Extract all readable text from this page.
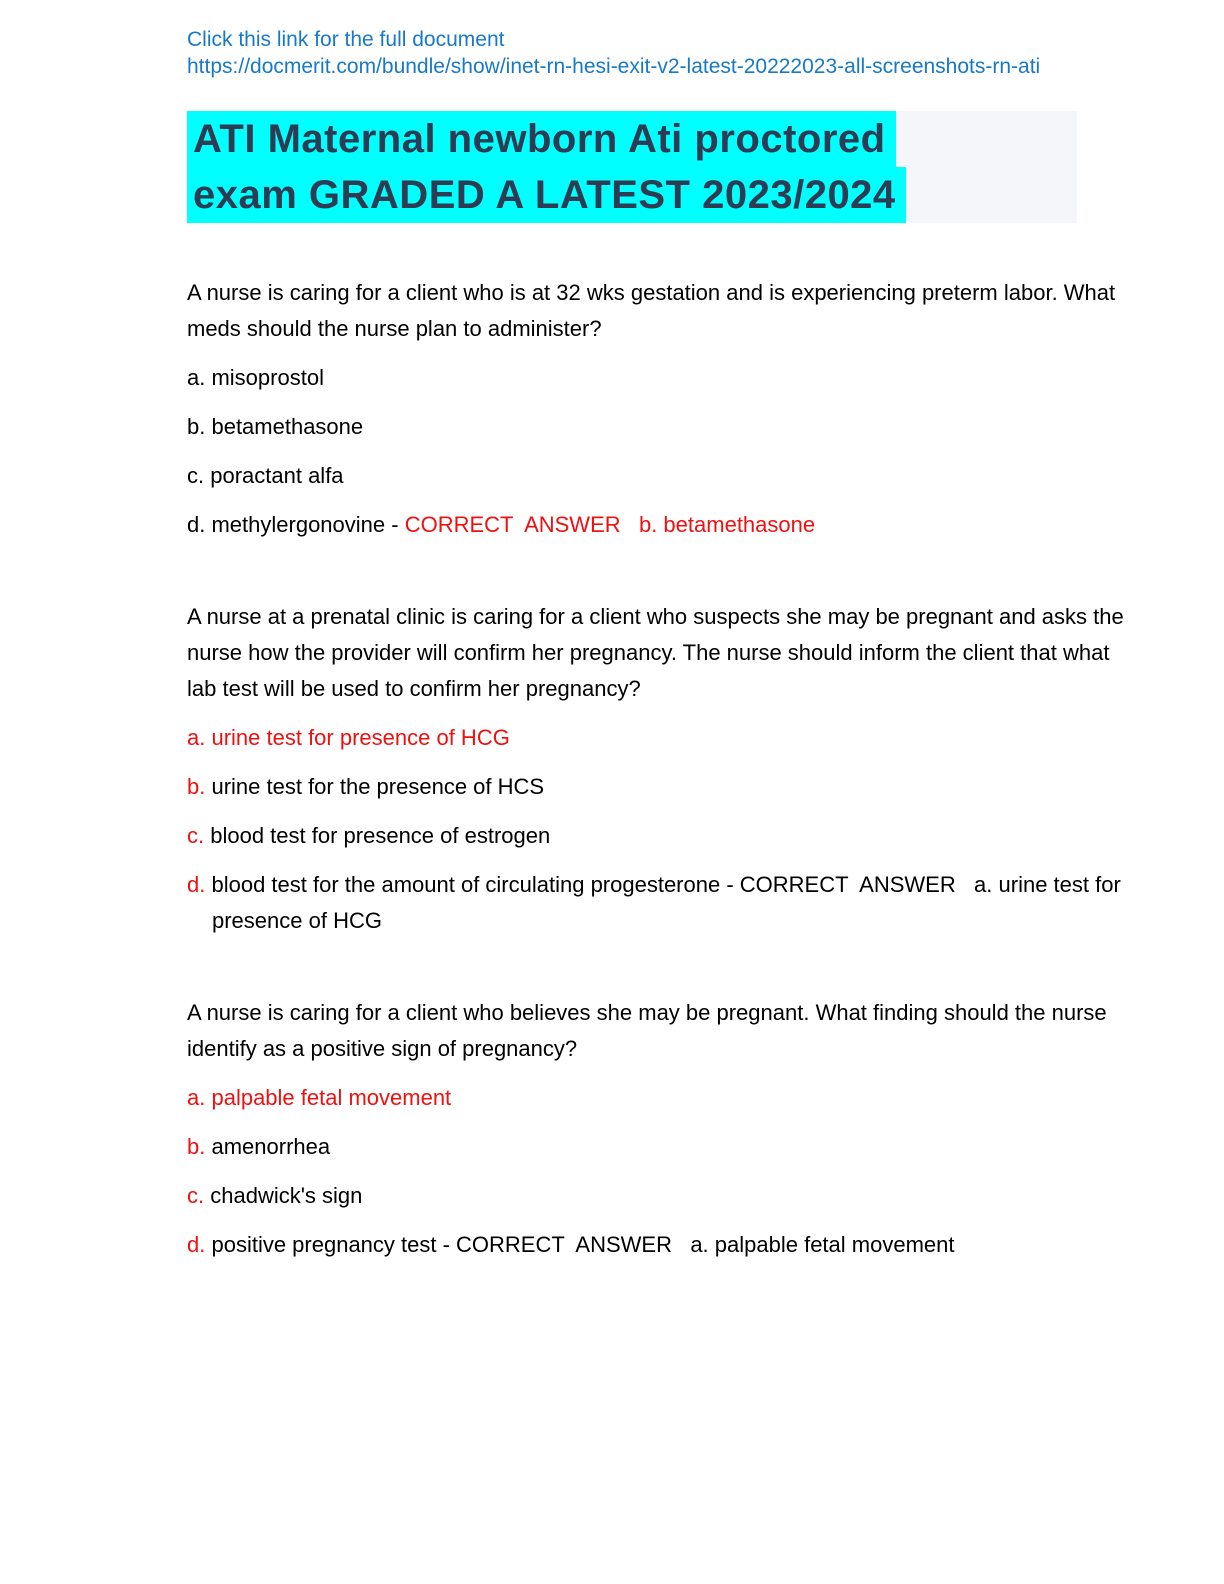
Click this link for the full document
https://docmerit.com/bundle/show/inet-rn-hesi-exit-v2-latest-20222023-all-screenshots-rn-ati
ATI Maternal newborn Ati proctored
exam GRADED A LATEST 2023/2024

A nurse is caring for a client who is at 32 wks gestation and is experiencing preterm labor. What meds should the nurse plan to administer?

a. misoprostol

b. betamethasone

c. poractant alfa

d. methylergonovine - CORRECT  ANSWER   b. betamethasone

A nurse at a prenatal clinic is caring for a client who suspects she may be pregnant and asks the nurse how the provider will confirm her pregnancy. The nurse should inform the client that what lab test will be used to confirm her pregnancy?

a. urine test for presence of HCG

b. urine test for the presence of HCS

c. blood test for presence of estrogen

d. blood test for the amount of circulating progesterone - CORRECT  ANSWER   a. urine test for presence of HCG

A nurse is caring for a client who believes she may be pregnant. What finding should the nurse identify as a positive sign of pregnancy?

a. palpable fetal movement

b. amenorrhea

c. chadwick's sign

d. positive pregnancy test - CORRECT  ANSWER   a. palpable fetal movement
